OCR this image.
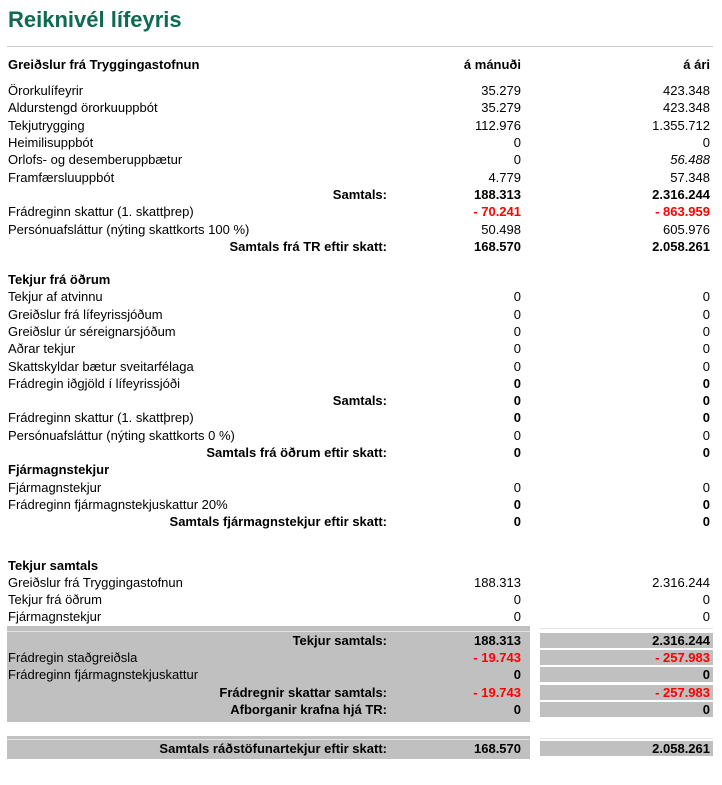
Reiknivél lífeyris
Greiðslur frá Tryggingastofnun	á mánuði	á ári
Örorkulífeyrir	35.279	423.348
Aldurstengd örorkuuppbót	35.279	423.348
Tekjutrygging	112.976	1.355.712
Heimilisuppbót	0	0
Orlofs- og desemberuppbætur	0	56.488
Framfærsluuppbót	4.779	57.348
Samtals:	188.313	2.316.244
Frádreginn skattur (1. skattþrep)	- 70.241	- 863.959
Persónuafsláttur (nýting skattkorts 100 %)	50.498	605.976
Samtals frá TR eftir skatt:	168.570	2.058.261
Tekjur frá öðrum
Tekjur af atvinnu	0	0
Greiðslur frá lífeyrissjóðum	0	0
Greiðslur úr séreignarsjóðum	0	0
Aðrar tekjur	0	0
Skattskyldar bætur sveitarfélaga	0	0
Frádregin iðgjöld í lífeyrissjóði	0	0
Samtals:	0	0
Frádreginn skattur (1. skattþrep)	0	0
Persónuafsláttur (nýting skattkorts 0 %)	0	0
Samtals frá öðrum eftir skatt:	0	0
Fjármagnstekjur
Fjármagnstekjur	0	0
Frádreginn fjármagnstekjuskattur 20%	0	0
Samtals fjármagnstekjur eftir skatt:	0	0
Tekjur samtals
Greiðslur frá Tryggingastofnun	188.313	2.316.244
Tekjur frá öðrum	0	0
Fjármagnstekjur	0	0
Tekjur samtals:	188.313	2.316.244
Frádregin staðgreiðsla	- 19.743	- 257.983
Frádreginn fjármagnstekjuskattur	0	0
Frádregnir skattar samtals:	- 19.743	- 257.983
Afborganir krafna hjá TR:	0	0
Samtals ráðstöfunartekjur eftir skatt:	168.570	2.058.261
